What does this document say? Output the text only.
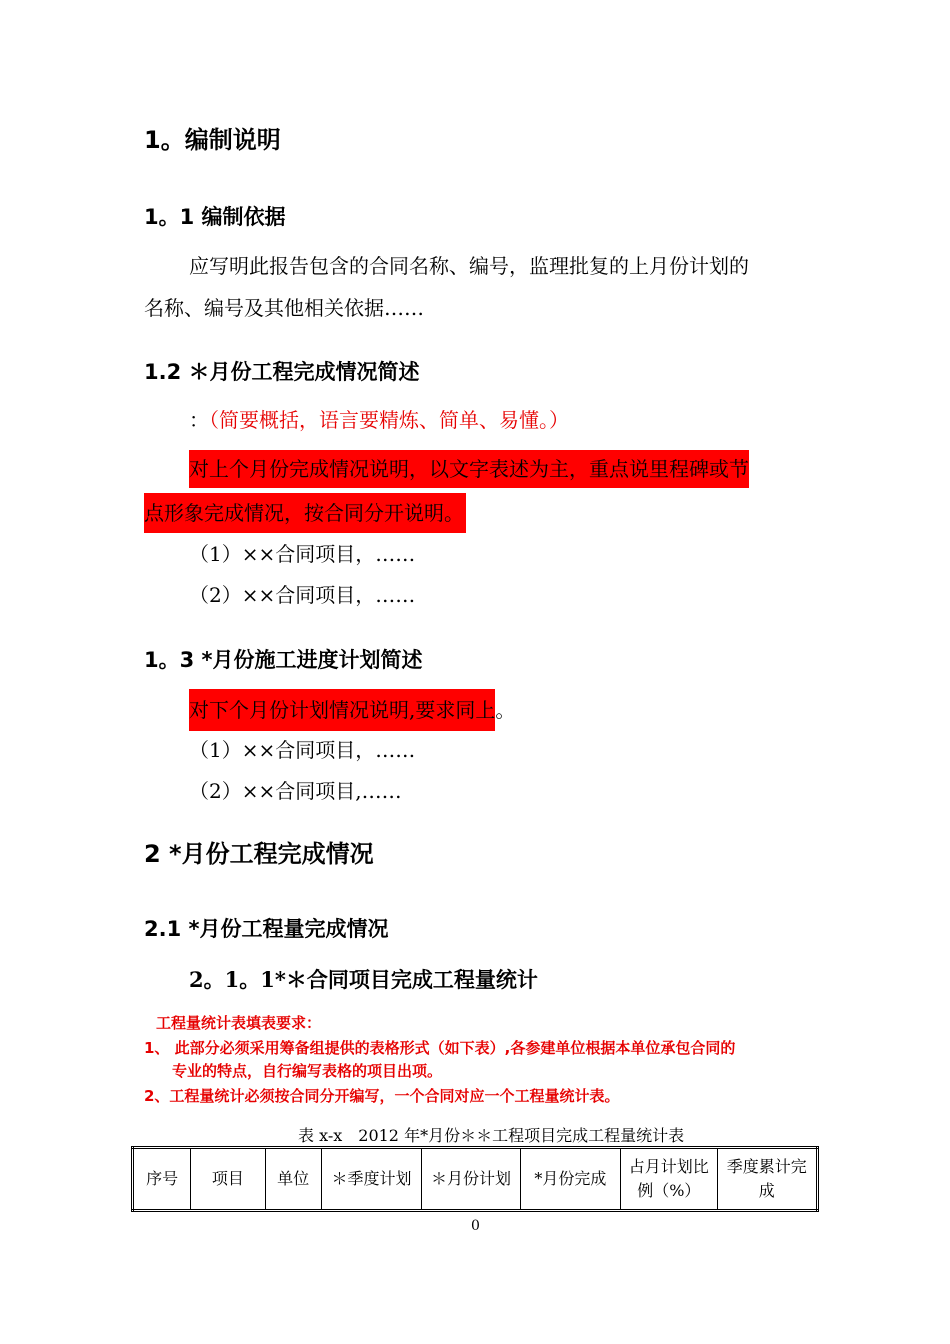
1。编制说明
1。1 编制依据
应写明此报告包含的合同名称、编号，监理批复的上月份计划的
名称、编号及其他相关依据……
1.2 ＊月份工程完成情况简述
：（简要概括，语言要精炼、简单、易懂。）
对上个月份完成情况说明，以文字表述为主，重点说里程碑或节
点形象完成情况，按合同分开说明。
（1）××合同项目，……
（2）××合同项目，……
1。3 *月份施工进度计划简述
对下个月份计划情况说明,要求同上。
（1）××合同项目，……
（2）××合同项目,……
2 *月份工程完成情况
2.1 *月份工程量完成情况
2。1。1*＊合同项目完成工程量统计
工程量统计表填表要求：
1、 此部分必须采用筹备组提供的表格形式（如下表）,各参建单位根据本单位承包合同的
专业的特点，自行编写表格的项目出项。
2、工程量统计必须按合同分开编写，一个合同对应一个工程量统计表。
表 x-x　2012 年*月份＊＊工程项目完成工程量统计表
序号	项目	单位	＊季度计划	＊月份计划	*月份完成	占月计划比例（%）	季度累计完成
0
